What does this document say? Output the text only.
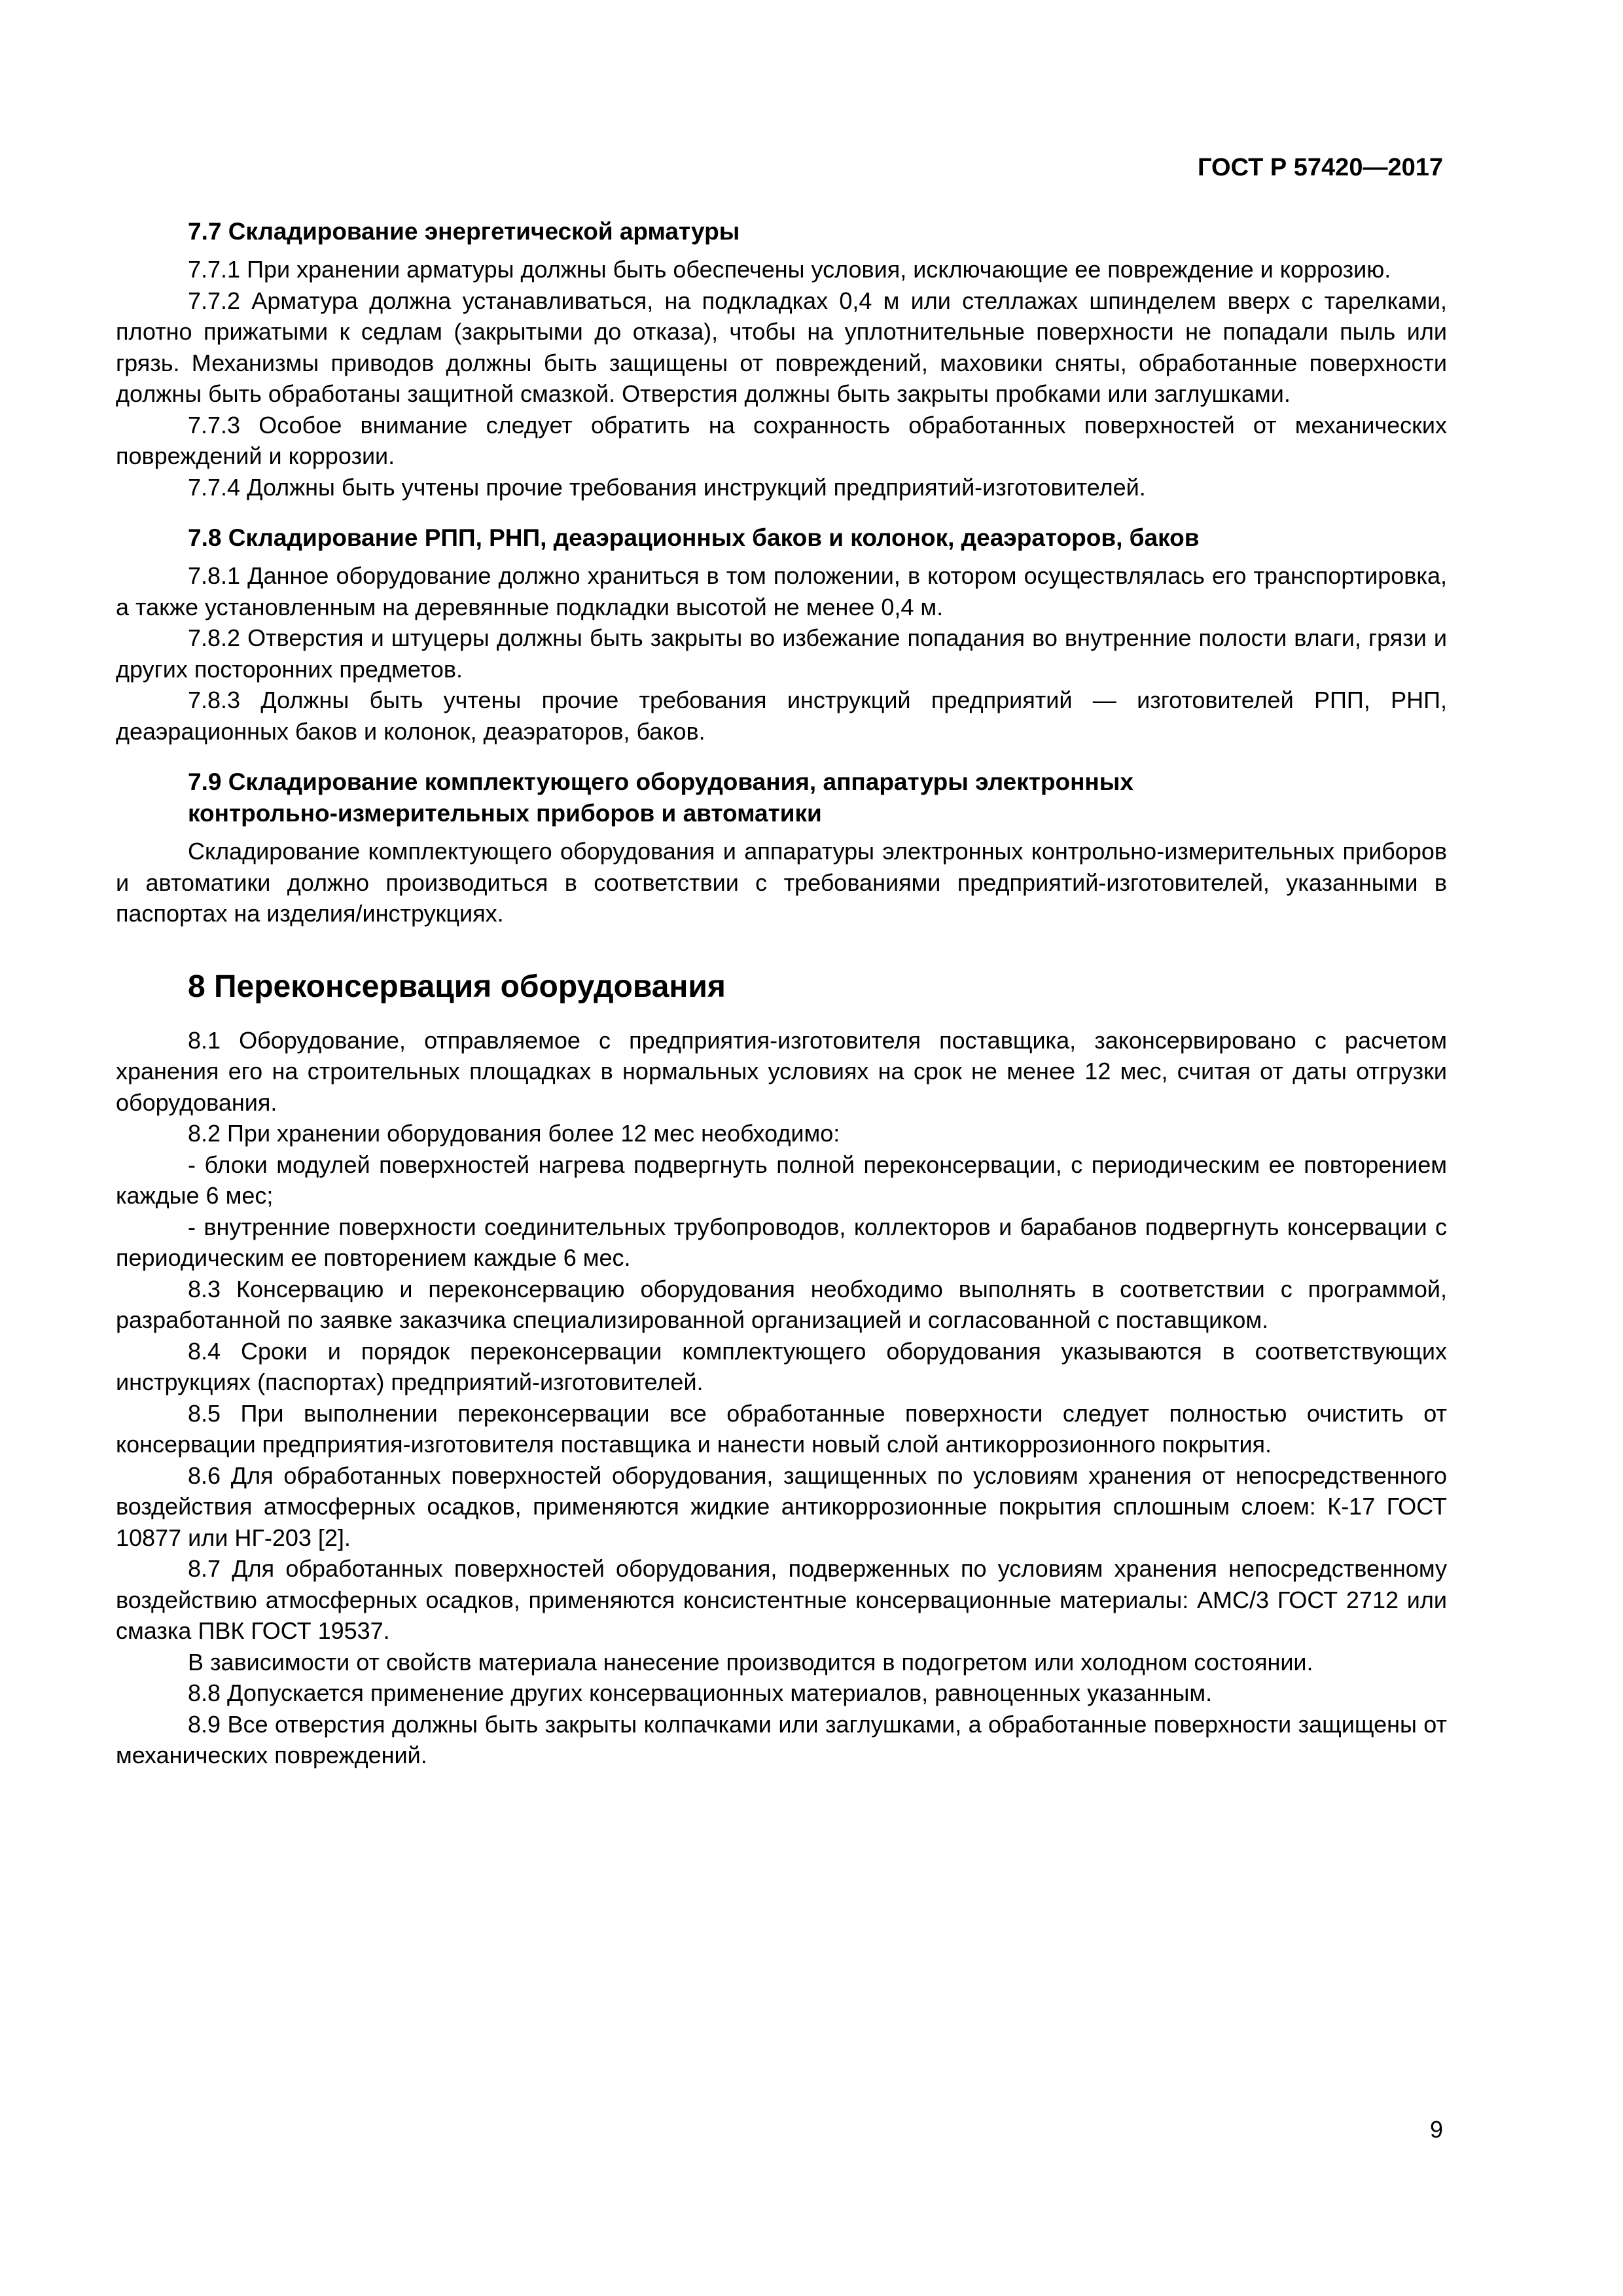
ГОСТ Р 57420—2017
7.7 Складирование энергетической арматуры

7.7.1 При хранении арматуры должны быть обеспечены условия, исключающие ее повреждение и коррозию.

7.7.2 Арматура должна устанавливаться, на подкладках 0,4 м или стеллажах шпинделем вверх с тарелками, плотно прижатыми к седлам (закрытыми до отказа), чтобы на уплотнительные поверхности не попадали пыль или грязь. Механизмы приводов должны быть защищены от повреждений, маховики сняты, обработанные поверхности должны быть обработаны защитной смазкой. Отверстия должны быть закрыты пробками или заглушками.

7.7.3 Особое внимание следует обратить на сохранность обработанных поверхностей от механических повреждений и коррозии.

7.7.4 Должны быть учтены прочие требования инструкций предприятий-изготовителей.

7.8 Складирование РПП, РНП, деаэрационных баков и колонок, деаэраторов, баков

7.8.1 Данное оборудование должно храниться в том положении, в котором осуществлялась его транспортировка, а также установленным на деревянные подкладки высотой не менее 0,4 м.

7.8.2 Отверстия и штуцеры должны быть закрыты во избежание попадания во внутренние полости влаги, грязи и других посторонних предметов.

7.8.3 Должны быть учтены прочие требования инструкций предприятий — изготовителей РПП, РНП, деаэрационных баков и колонок, деаэраторов, баков.

7.9 Складирование комплектующего оборудования, аппаратуры электронных
контрольно-измерительных приборов и автоматики

Складирование комплектующего оборудования и аппаратуры электронных контрольно-измерительных приборов и автоматики должно производиться в соответствии с требованиями предприятий-изготовителей, указанными в паспортах на изделия/инструкциях.

8 Переконсервация оборудования

8.1 Оборудование, отправляемое с предприятия-изготовителя поставщика, законсервировано с расчетом хранения его на строительных площадках в нормальных условиях на срок не менее 12 мес, считая от даты отгрузки оборудования.

8.2 При хранении оборудования более 12 мес необходимо:

- блоки модулей поверхностей нагрева подвергнуть полной переконсервации, с периодическим ее повторением каждые 6 мес;

- внутренние поверхности соединительных трубопроводов, коллекторов и барабанов подвергнуть консервации с периодическим ее повторением каждые 6 мес.

8.3 Консервацию и переконсервацию оборудования необходимо выполнять в соответствии с программой, разработанной по заявке заказчика специализированной организацией и согласованной с поставщиком.

8.4 Сроки и порядок переконсервации комплектующего оборудования указываются в соответствующих инструкциях (паспортах) предприятий-изготовителей.

8.5 При выполнении переконсервации все обработанные поверхности следует полностью очистить от консервации предприятия-изготовителя поставщика и нанести новый слой антикоррозионного покрытия.

8.6 Для обработанных поверхностей оборудования, защищенных по условиям хранения от непосредственного воздействия атмосферных осадков, применяются жидкие антикоррозионные покрытия сплошным слоем: К-17 ГОСТ 10877 или НГ-203 [2].

8.7 Для обработанных поверхностей оборудования, подверженных по условиям хранения непосредственному воздействию атмосферных осадков, применяются консистентные консервационные материалы: АМС/3 ГОСТ 2712 или смазка ПВК ГОСТ 19537.

В зависимости от свойств материала нанесение производится в подогретом или холодном состоянии.

8.8 Допускается применение других консервационных материалов, равноценных указанным.

8.9 Все отверстия должны быть закрыты колпачками или заглушками, а обработанные поверхности защищены от механических повреждений.

9
